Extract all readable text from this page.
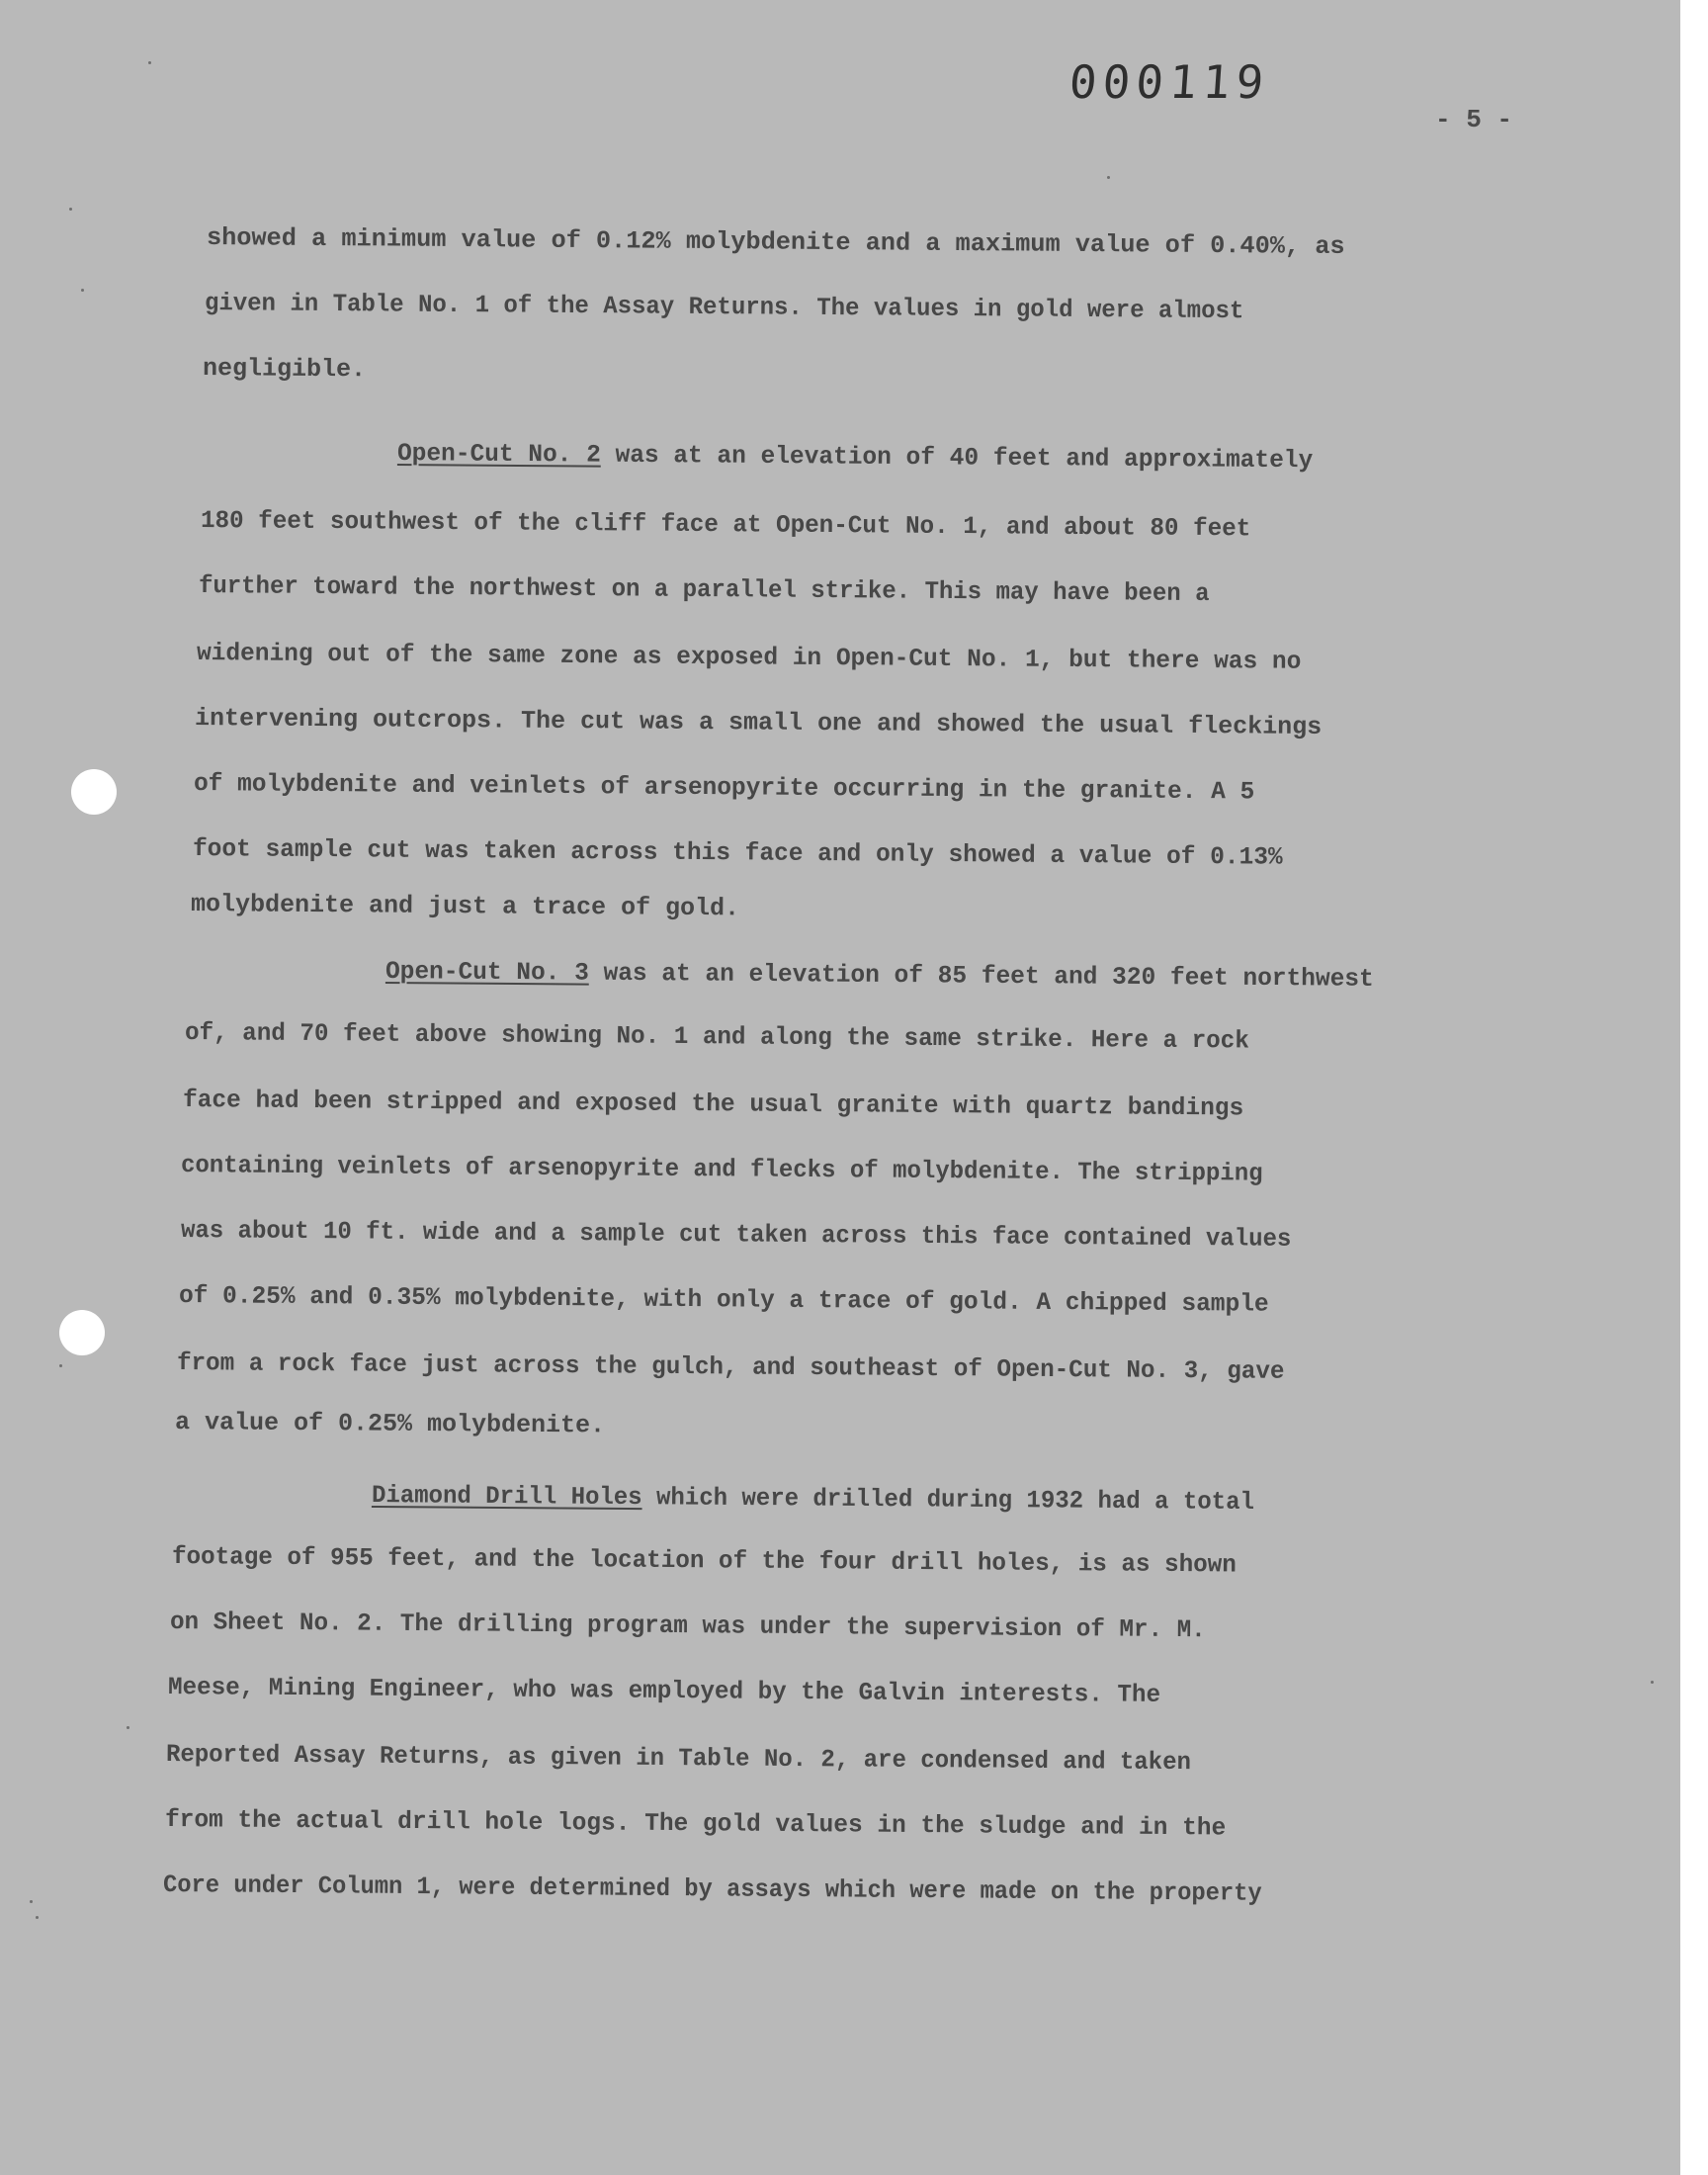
000119
- 5 -
showed a minimum value of 0.12% molybdenite and a maximum value of 0.40%, as
given in Table No. 1 of the Assay Returns. The values in gold were almost
negligible.
Open-Cut No. 2 was at an elevation of 40 feet and approximately
180 feet southwest of the cliff face at Open-Cut No. 1, and about 80 feet
further toward the northwest on a parallel strike. This may have been a
widening out of the same zone as exposed in Open-Cut No. 1, but there was no
intervening outcrops. The cut was a small one and showed the usual fleckings
of molybdenite and veinlets of arsenopyrite occurring in the granite. A 5
foot sample cut was taken across this face and only showed a value of 0.13%
molybdenite and just a trace of gold.
Open-Cut No. 3 was at an elevation of 85 feet and 320 feet northwest
of, and 70 feet above showing No. 1 and along the same strike. Here a rock
face had been stripped and exposed the usual granite with quartz bandings
containing veinlets of arsenopyrite and flecks of molybdenite. The stripping
was about 10 ft. wide and a sample cut taken across this face contained values
of 0.25% and 0.35% molybdenite, with only a trace of gold. A chipped sample
from a rock face just across the gulch, and southeast of Open-Cut No. 3, gave
a value of 0.25% molybdenite.
Diamond Drill Holes which were drilled during 1932 had a total
footage of 955 feet, and the location of the four drill holes, is as shown
on Sheet No. 2. The drilling program was under the supervision of Mr. M.
Meese, Mining Engineer, who was employed by the Galvin interests. The
Reported Assay Returns, as given in Table No. 2, are condensed and taken
from the actual drill hole logs. The gold values in the sludge and in the
Core under Column 1, were determined by assays which were made on the property
